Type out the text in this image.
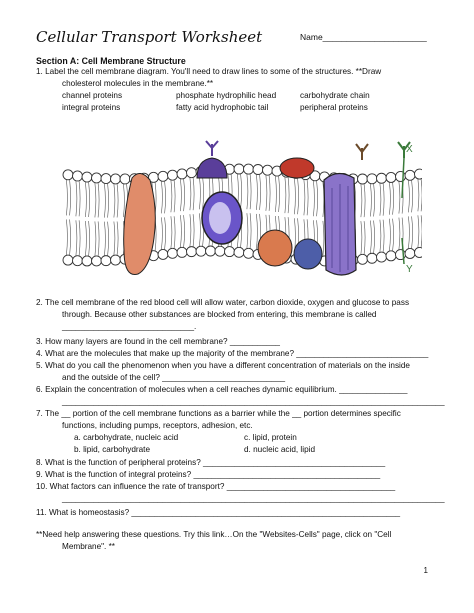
Cellular Transport Worksheet	Name______________________
Section A: Cell Membrane Structure
1. Label the cell membrane diagram. You'll need to draw lines to some of the structures. **Draw
cholesterol molecules in the membrane.**
channel proteins	phosphate hydrophilic head	carbohydrate chain
integral proteins	fatty acid hydrophobic tail	peripheral proteins
X
Y
2. The cell membrane of the red blood cell will allow water, carbon dioxide, oxygen and glucose to pass
through. Because other substances are blocked from entering, this membrane is called
_____________________________.
3. How many layers are found in the cell membrane? ___________
4. What are the molecules that make up the majority of the membrane? _____________________________
5. What do you call the phenomenon when you have a different concentration of materials on the inside
and the outside of the cell? ___________________________
6. Explain the concentration of molecules when a cell reaches dynamic equilibrium. _______________
____________________________________________________________________________________
7. The __ portion of the cell membrane functions as a barrier while the __ portion determines specific
functions, including pumps, receptors, adhesion, etc.
a. carbohydrate, nucleic acid	c. lipid, protein
b. lipid, carbohydrate	d. nucleic acid, lipid
8. What is the function of peripheral proteins? ________________________________________
9. What is the function of integral proteins? _________________________________________
10. What factors can influence the rate of transport? _____________________________________
____________________________________________________________________________________
11. What is homeostasis? ___________________________________________________________
**Need help answering these questions. Try this link…On the "Websites-Cells" page, click on "Cell
Membrane". **
1
